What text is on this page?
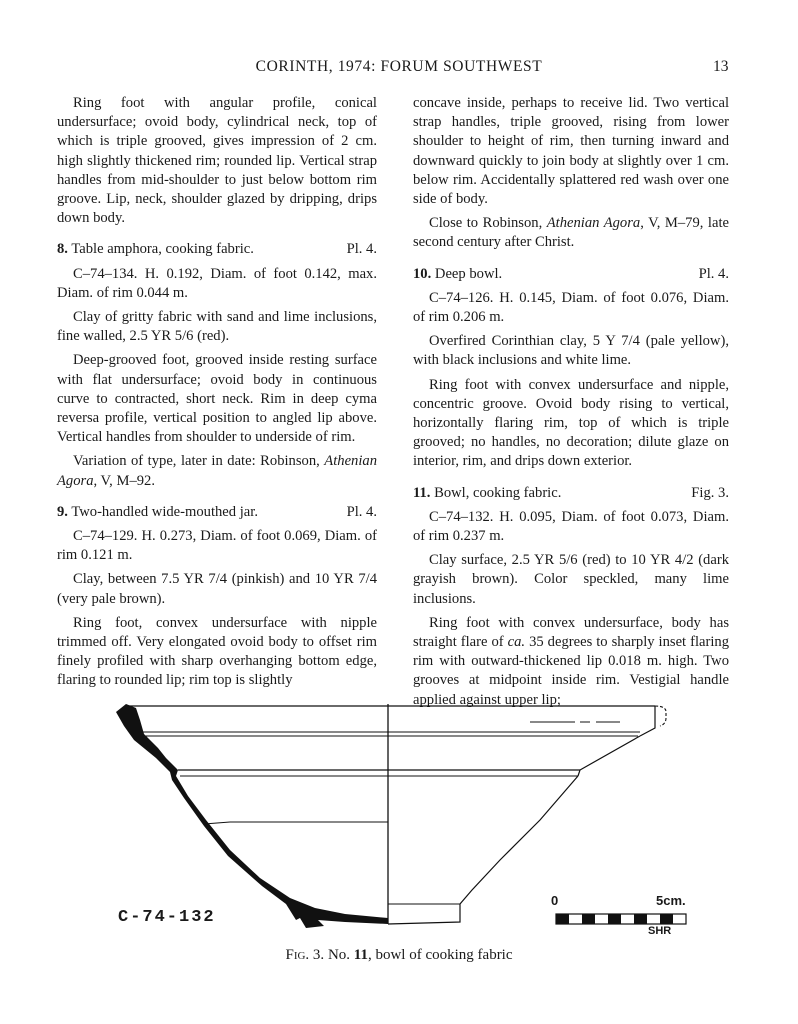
CORINTH, 1974: FORUM SOUTHWEST	13

Ring foot with angular profile, conical undersurface; ovoid body, cylindrical neck, top of which is triple grooved, gives impression of 2 cm. high slightly thickened rim; rounded lip. Vertical strap handles from mid-shoulder to just below bottom rim groove. Lip, neck, shoulder glazed by dripping, drips down body.

8. Table amphora, cooking fabric.	Pl. 4.

C–74–134. H. 0.192, Diam. of foot 0.142, max. Diam. of rim 0.044 m.

Clay of gritty fabric with sand and lime inclusions, fine walled, 2.5 YR 5/6 (red).

Deep-grooved foot, grooved inside resting surface with flat undersurface; ovoid body in continuous curve to contracted, short neck. Rim in deep cyma reversa profile, vertical position to angled lip above. Vertical handles from shoulder to underside of rim.

Variation of type, later in date: Robinson, Athenian Agora, V, M–92.

9. Two-handled wide-mouthed jar.	Pl. 4.

C–74–129. H. 0.273, Diam. of foot 0.069, Diam. of rim 0.121 m.

Clay, between 7.5 YR 7/4 (pinkish) and 10 YR 7/4 (very pale brown).

Ring foot, convex undersurface with nipple trimmed off. Very elongated ovoid body to offset rim finely profiled with sharp overhanging bottom edge, flaring to rounded lip; rim top is slightly

concave inside, perhaps to receive lid. Two vertical strap handles, triple grooved, rising from lower shoulder to height of rim, then turning inward and downward quickly to join body at slightly over 1 cm. below rim. Accidentally splattered red wash over one side of body.

Close to Robinson, Athenian Agora, V, M–79, late second century after Christ.

10. Deep bowl.	Pl. 4.

C–74–126. H. 0.145, Diam. of foot 0.076, Diam. of rim 0.206 m.

Overfired Corinthian clay, 5 Y 7/4 (pale yellow), with black inclusions and white lime.

Ring foot with convex undersurface and nipple, concentric groove. Ovoid body rising to vertical, horizontally flaring rim, top of which is triple grooved; no handles, no decoration; dilute glaze on interior, rim, and drips down exterior.

11. Bowl, cooking fabric.	Fig. 3.

C–74–132. H. 0.095, Diam. of foot 0.073, Diam. of rim 0.237 m.

Clay surface, 2.5 YR 5/6 (red) to 10 YR 4/2 (dark grayish brown). Color speckled, many lime inclusions.

Ring foot with convex undersurface, body has straight flare of ca. 35 degrees to sharply inset flaring rim with outward-thickened lip 0.018 m. high. Two grooves at midpoint inside rim. Vestigial handle applied against upper lip;

C-74-132
0	5cm.
SHR
Fig. 3. No. 11, bowl of cooking fabric
